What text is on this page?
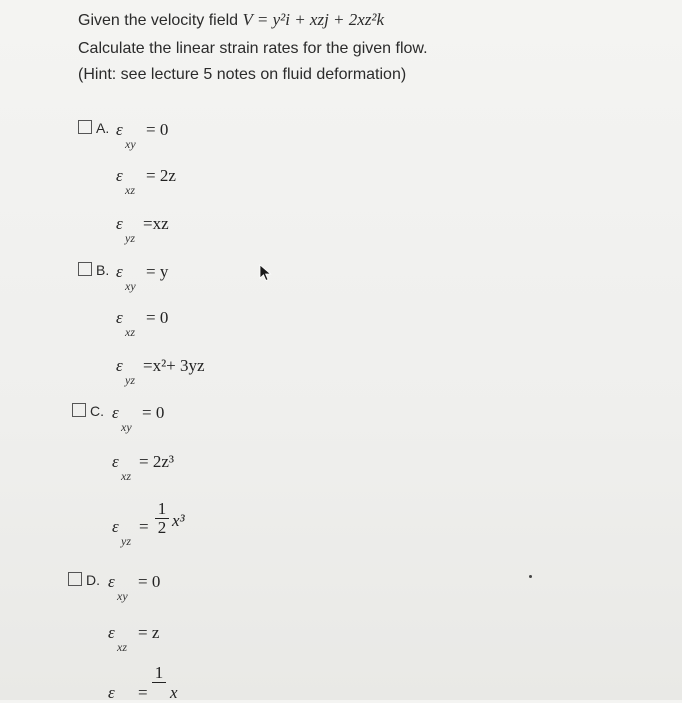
Given the velocity field V = y²i + xzj + 2xz²k
Calculate the linear strain rates for the given flow.
(Hint: see lecture 5 notes on fluid deformation)
A. ε
xy
= 0
ε
xz
= 2z
ε
yz
=xz
B. ε
xy
= y
ε
xz
= 0
ε
yz
=x²+ 3yz
C. ε
xy
= 0
ε
xz
= 2z³
ε
yz
=
1
2 x³
D. ε
xy
= 0
ε
xz
= z
ε =
1
x
